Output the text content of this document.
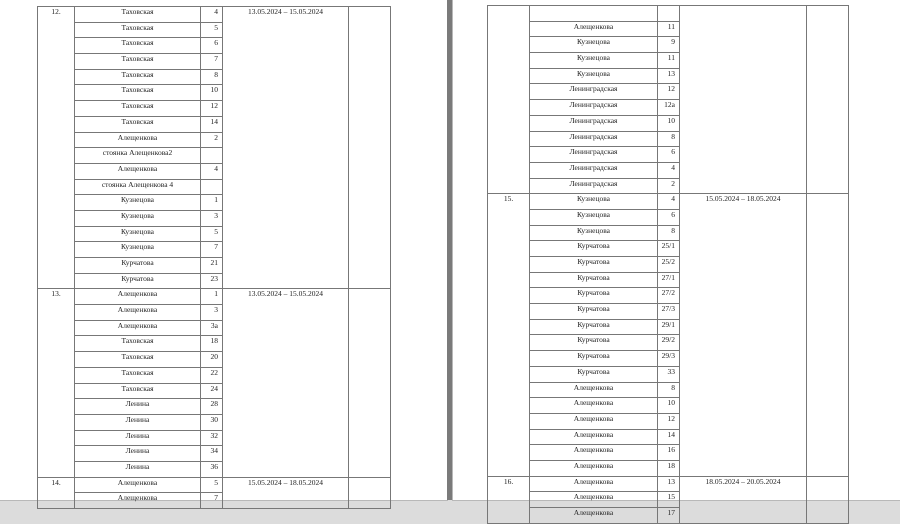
12.	Таховская	4	13.05.2024 – 15.05.2024	
	Таховская	5		
	Таховская	6		
	Таховская	7		
	Таховская	8		
	Таховская	10		
	Таховская	12		
	Таховская	14		
	Алещенкова	2		
	стоянка Алещенкова2			
	Алещенкова	4		
	стоянка Алещенкова 4			
	Кузнецова	1		
	Кузнецова	3		
	Кузнецова	5		
	Кузнецова	7		
	Курчатова	21		
	Курчатова	23		
13.	Алещенкова	1	13.05.2024 – 15.05.2024	
	Алещенкова	3		
	Алещенкова	3а		
	Таховская	18		
	Таховская	20		
	Таховская	22		
	Таховская	24		
	Ленина	28		
	Ленина	30		
	Ленина	32		
	Ленина	34		
	Ленина	36		
14.	Алещенкова	5	15.05.2024 – 18.05.2024	
	Алещенкова	7		

	Алещенкова	11		
	Кузнецова	9		
	Кузнецова	11		
	Кузнецова	13		
	Ленинградская	12		
	Ленинградская	12а		
	Ленинградская	10		
	Ленинградская	8		
	Ленинградская	6		
	Ленинградская	4		
	Ленинградская	2		
15.	Кузнецова	4	15.05.2024 – 18.05.2024	
	Кузнецова	6		
	Кузнецова	8		
	Курчатова	25/1		
	Курчатова	25/2		
	Курчатова	27/1		
	Курчатова	27/2		
	Курчатова	27/3		
	Курчатова	29/1		
	Курчатова	29/2		
	Курчатова	29/3		
	Курчатова	33		
	Алещенкова	8		
	Алещенкова	10		
	Алещенкова	12		
	Алещенкова	14		
	Алещенкова	16		
	Алещенкова	18		
16.	Алещенкова	13	18.05.2024 – 20.05.2024	
	Алещенкова	15		
	Алещенкова	17		
